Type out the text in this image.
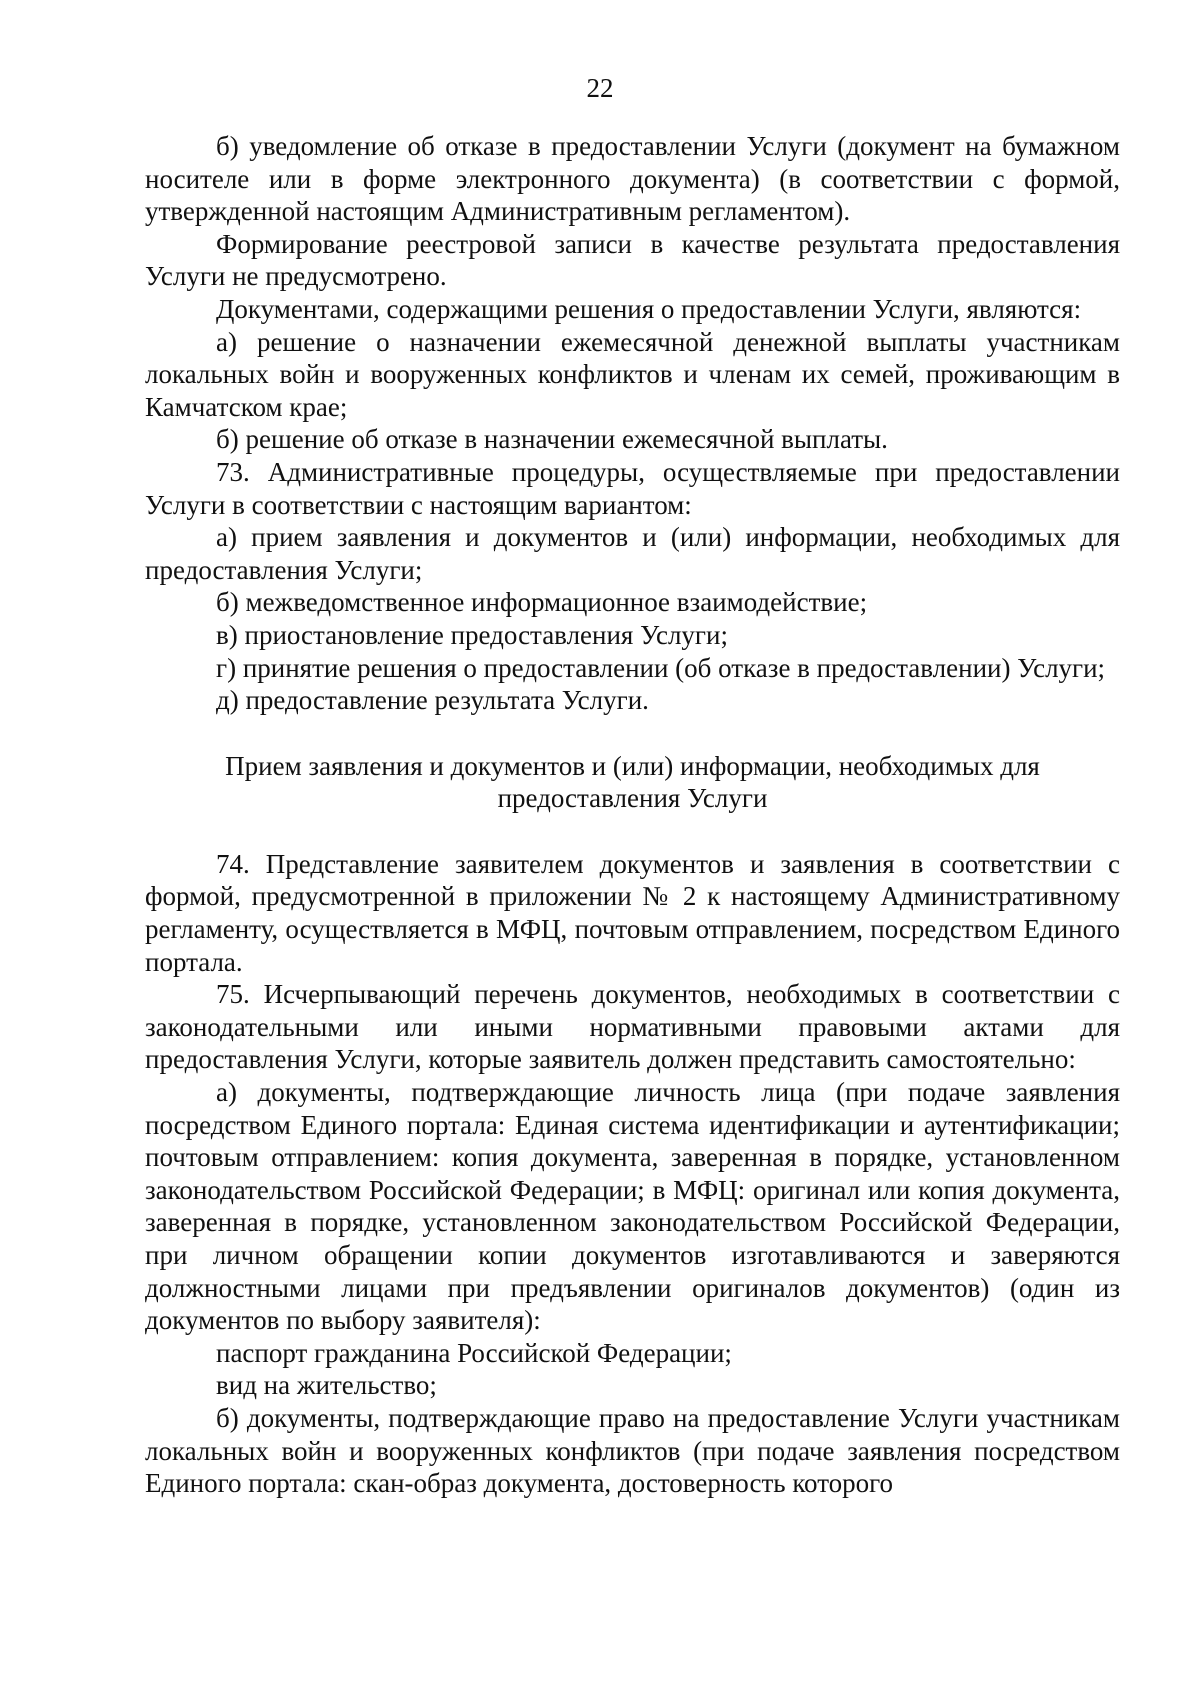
22

б) уведомление об отказе в предоставлении Услуги (документ на бумажном носителе или в форме электронного документа) (в соответствии с формой, утвержденной настоящим Административным регламентом).

Формирование реестровой записи в качестве результата предоставления Услуги не предусмотрено.

Документами, содержащими решения о предоставлении Услуги, являются:

а) решение о назначении ежемесячной денежной выплаты участникам локальных войн и вооруженных конфликтов и членам их семей, проживающим в Камчатском крае;

б) решение об отказе в назначении ежемесячной выплаты.

73. Административные процедуры, осуществляемые при предоставлении Услуги в соответствии с настоящим вариантом:

а) прием заявления и документов и (или) информации, необходимых для предоставления Услуги;

б) межведомственное информационное взаимодействие;

в) приостановление предоставления Услуги;

г) принятие решения о предоставлении (об отказе в предоставлении) Услуги;

д) предоставление результата Услуги.

Прием заявления и документов и (или) информации, необходимых для
предоставления Услуги

74. Представление заявителем документов и заявления в соответствии с формой, предусмотренной в приложении № 2 к настоящему Административному регламенту, осуществляется в МФЦ, почтовым отправлением, посредством Единого портала.

75. Исчерпывающий перечень документов, необходимых в соответствии с законодательными или иными нормативными правовыми актами для предоставления Услуги, которые заявитель должен представить самостоятельно:

а) документы, подтверждающие личность лица (при подаче заявления посредством Единого портала: Единая система идентификации и аутентификации; почтовым отправлением: копия документа, заверенная в порядке, установленном законодательством Российской Федерации; в МФЦ: оригинал или копия документа, заверенная в порядке, установленном законодательством Российской Федерации, при личном обращении копии документов изготавливаются и заверяются должностными лицами при предъявлении оригиналов документов) (один из документов по выбору заявителя):

паспорт гражданина Российской Федерации;

вид на жительство;

б) документы, подтверждающие право на предоставление Услуги участникам локальных войн и вооруженных конфликтов (при подаче заявления посредством Единого портала: скан-образ документа, достоверность которого
